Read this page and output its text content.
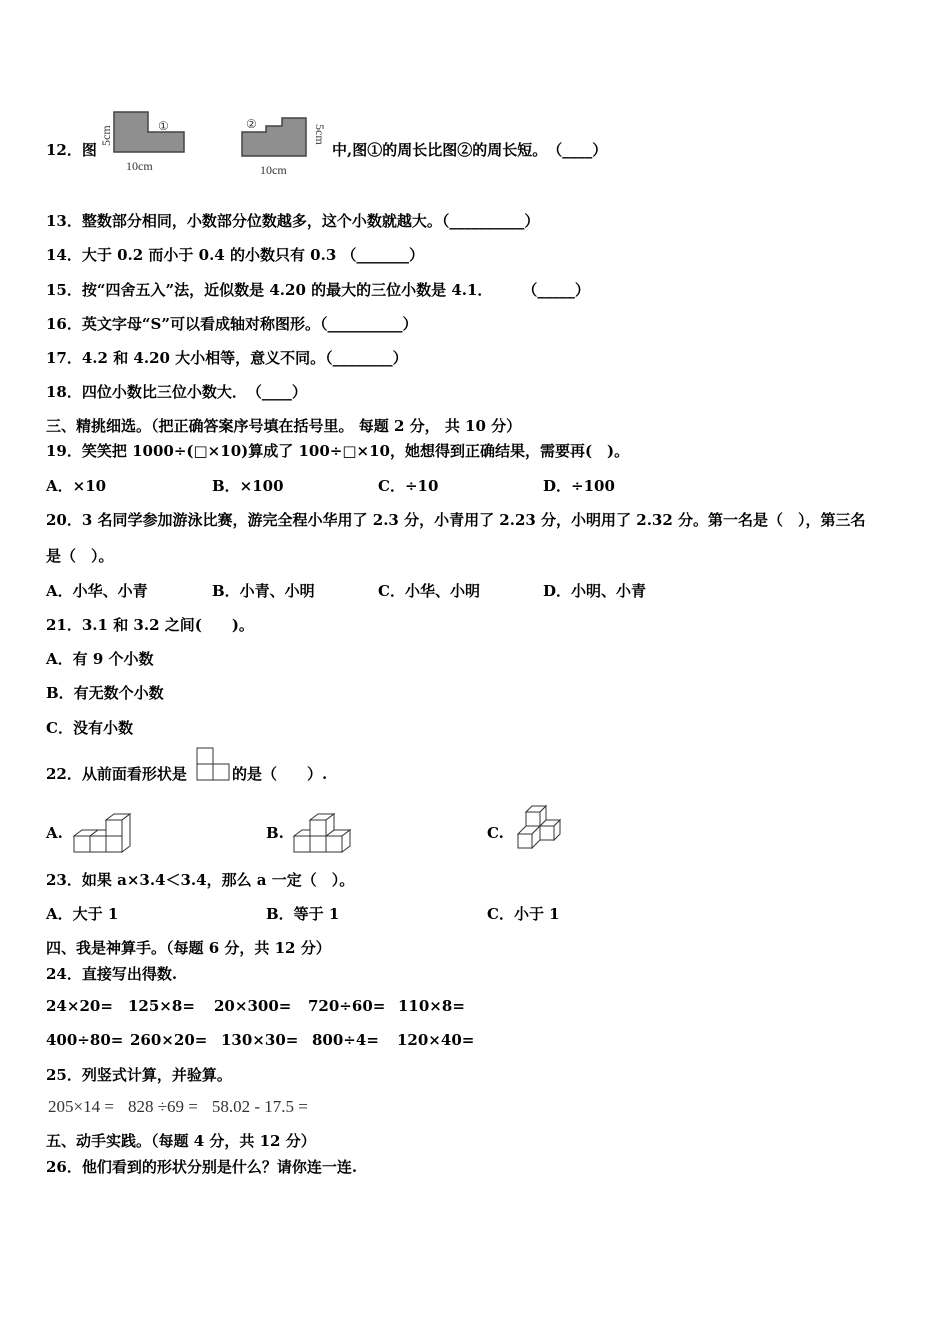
12．图
①
5cm
10cm
②	5cm
10cm
中,图①的周长比图②的周长短。　（____）
13．整数部分相同，小数部分位数越多，这个小数就越大。（__________）
14．大于 0.2 而小于 0.4 的小数只有 0.3 （_______）
15．按“四舍五入”法，近似数是 4.20 的最大的三位小数是 4.1．　　　（_____）
16．英文字母“S”可以看成轴对称图形。（__________）
17．4.2 和 4.20 大小相等，意义不同。（________）
18．四位小数比三位小数大．　（____）
三、精挑细选。（把正确答案序号填在括号里。 每题 2 分， 共 10 分）
19．笑笑把 1000÷(□×10)算成了 100÷□×10，她想得到正确结果，需要再(　)。
A．×10	B．×100	C．÷10	D．÷100
20．3 名同学参加游泳比赛，游完全程小华用了 2.3 分，小青用了 2.23 分，小明用了 2.32 分。第一名是（　），第三名
是（　）。
A．小华、小青	B．小青、小明	C．小华、小明	D．小明、小青
21．3.1 和 3.2 之间(　　)。
A．有 9 个小数
B．有无数个小数
C．没有小数
22．从前面看形状是	的是（　　）.
A.	B.	C.
23．如果 a×3.4＜3.4，那么 a 一定（　）。
A．大于 1	B．等于 1	C．小于 1
四、我是神算手。（每题 6 分，共 12 分）
24．直接写出得数.
24×20= 125×8= 20×300= 720÷60= 110×8=
400÷80= 260×20= 130×30= 800÷4= 120×40=
25．列竖式计算，并验算。
205×14 = 828 ÷69 = 58.02 - 17.5 =
五、动手实践。（每题 4 分，共 12 分）
26．他们看到的形状分别是什么？请你连一连.
